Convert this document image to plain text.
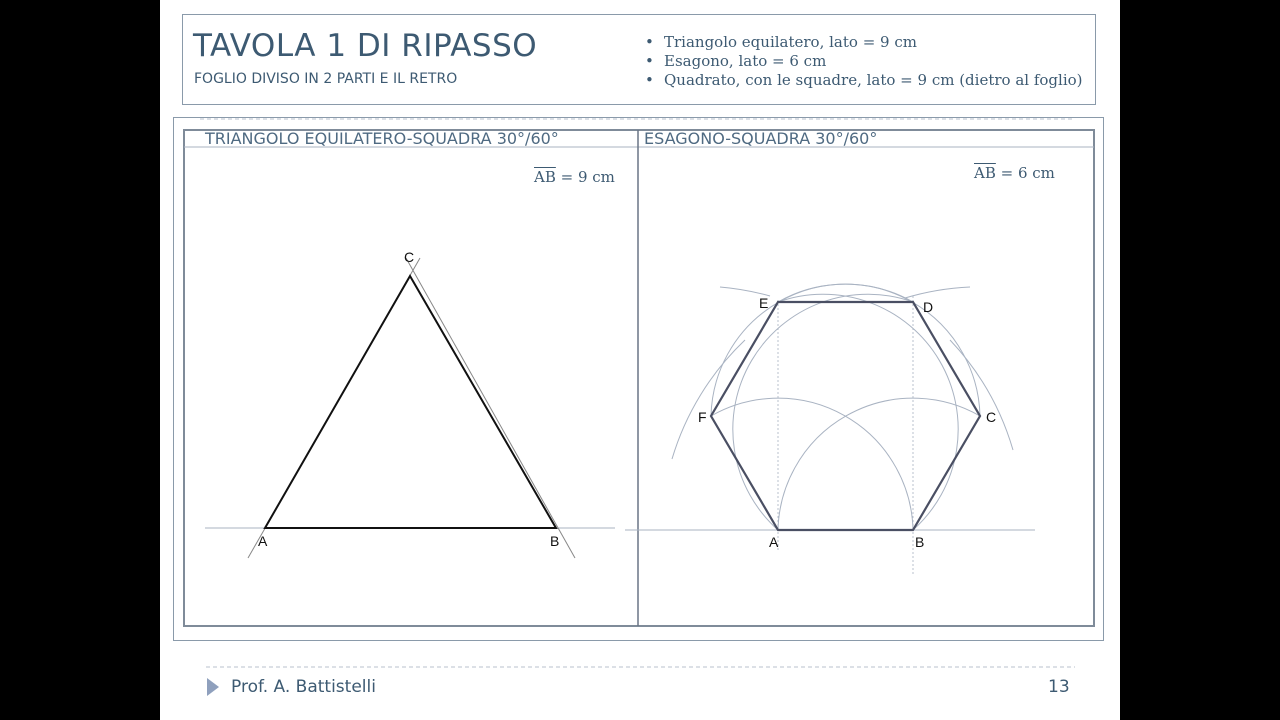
TAVOLA 1 DI RIPASSO
FOGLIO DIVISO IN 2 PARTI E IL RETRO
• Triangolo equilatero, lato = 9 cm
• Esagono, lato = 6 cm
• Quadrato, con le squadre, lato = 9 cm (dietro al foglio)
A	B
C
A	B
C
D
E
F
TRIANGOLO EQUILATERO-SQUADRA 30°/60°	ESAGONO-SQUADRA 30°/60°
$\overline{AB} = 9$ cm	$\overline{AB} = 6$ cm
Prof. A. Battistelli	13
